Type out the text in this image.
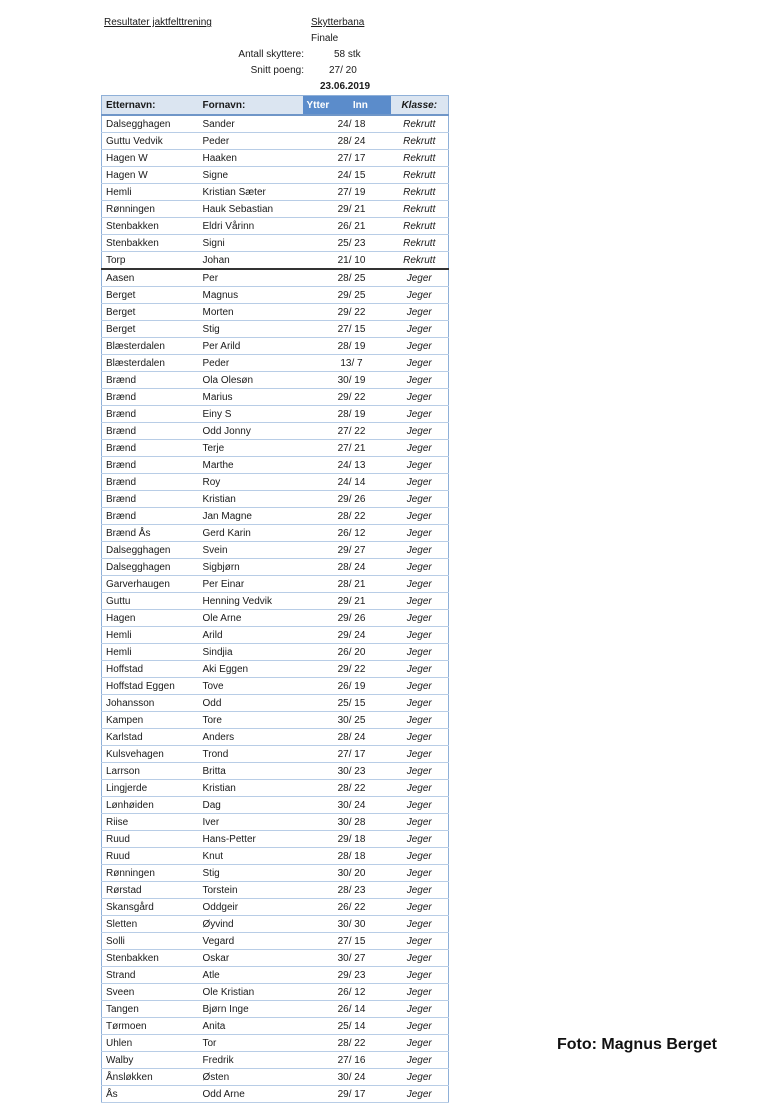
Resultater jaktfelttrening	Skytterbana
Finale
Antall skyttere:	58 stk
Snitt poeng:	27/ 20
23.06.2019
Etternavn:	Fornavn:	Ytter Inn	Klasse:
Dalsegghagen	Sander	24/ 18	Rekrutt
Guttu Vedvik	Peder	28/ 24	Rekrutt
Hagen W	Haaken	27/ 17	Rekrutt
Hagen W	Signe	24/ 15	Rekrutt
Hemli	Kristian Sæter	27/ 19	Rekrutt
Rønningen	Hauk Sebastian	29/ 21	Rekrutt
Stenbakken	Eldri Vårinn	26/ 21	Rekrutt
Stenbakken	Signi	25/ 23	Rekrutt
Torp	Johan	21/ 10	Rekrutt
Aasen	Per	28/ 25	Jeger
Berget	Magnus	29/ 25	Jeger
Berget	Morten	29/ 22	Jeger
Berget	Stig	27/ 15	Jeger
Blæsterdalen	Per Arild	28/ 19	Jeger
Blæsterdalen	Peder	13/ 7	Jeger
Brænd	Ola Olesøn	30/ 19	Jeger
Brænd	Marius	29/ 22	Jeger
Brænd	Einy S	28/ 19	Jeger
Brænd	Odd Jonny	27/ 22	Jeger
Brænd	Terje	27/ 21	Jeger
Brænd	Marthe	24/ 13	Jeger
Brænd	Roy	24/ 14	Jeger
Brænd	Kristian	29/ 26	Jeger
Brænd	Jan Magne	28/ 22	Jeger
Brænd Ås	Gerd Karin	26/ 12	Jeger
Dalsegghagen	Svein	29/ 27	Jeger
Dalsegghagen	Sigbjørn	28/ 24	Jeger
Garverhaugen	Per Einar	28/ 21	Jeger
Guttu	Henning Vedvik	29/ 21	Jeger
Hagen	Ole Arne	29/ 26	Jeger
Hemli	Arild	29/ 24	Jeger
Hemli	Sindjia	26/ 20	Jeger
Hoffstad	Aki Eggen	29/ 22	Jeger
Hoffstad Eggen	Tove	26/ 19	Jeger
Johansson	Odd	25/ 15	Jeger
Kampen	Tore	30/ 25	Jeger
Karlstad	Anders	28/ 24	Jeger
Kulsvehagen	Trond	27/ 17	Jeger
Larrson	Britta	30/ 23	Jeger
Lingjerde	Kristian	28/ 22	Jeger
Lønhøiden	Dag	30/ 24	Jeger
Riise	Iver	30/ 28	Jeger
Ruud	Hans-Petter	29/ 18	Jeger
Ruud	Knut	28/ 18	Jeger
Rønningen	Stig	30/ 20	Jeger
Rørstad	Torstein	28/ 23	Jeger
Skansgård	Oddgeir	26/ 22	Jeger
Sletten	Øyvind	30/ 30	Jeger
Solli	Vegard	27/ 15	Jeger
Stenbakken	Oskar	30/ 27	Jeger
Strand	Atle	29/ 23	Jeger
Sveen	Ole Kristian	26/ 12	Jeger
Tangen	Bjørn Inge	26/ 14	Jeger
Tørmoen	Anita	25/ 14	Jeger
Uhlen	Tor	28/ 22	Jeger
Walby	Fredrik	27/ 16	Jeger
Ånsløkken	Østen	30/ 24	Jeger
Ås	Odd Arne	29/ 17	Jeger
Foto: Magnus Berget
